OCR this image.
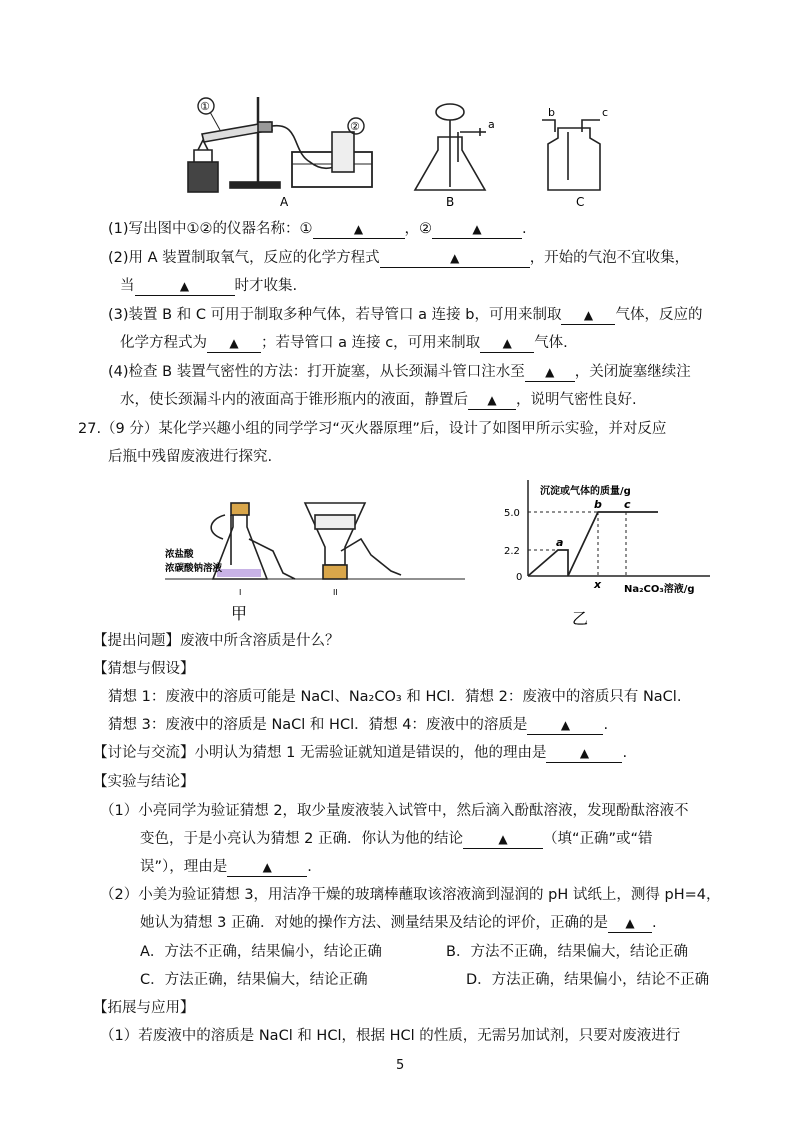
①
②
A
a
B
b	c
C
(1)写出图中①②的仪器名称：①	▲	，②	▲	.
(2)用 A 装置制取氧气，反应的化学方程式	▲	，开始的气泡不宜收集，
当	▲	时才收集.
(3)装置 B 和 C 可用于制取多种气体，若导管口 a 连接 b，可用来制取 ▲ 气体，反应的
化学方程式为 ▲ ；若导管口 a 连接 c，可用来制取 ▲ 气体.
(4)检查 B 装置气密性的方法：打开旋塞，从长颈漏斗管口注水至 ▲ ，关闭旋塞继续注
水，使长颈漏斗内的液面高于锥形瓶内的液面，静置后 ▲ ，说明气密性良好.
27.（9 分）某化学兴趣小组的同学学习“灭火器原理”后，设计了如图甲所示实验，并对反应
后瓶中残留废液进行探究.
浓盐酸
浓碳酸钠溶液
I	II
甲
沉淀或气体的质量/g
5.0
2.2
0
a
b c
x Na₂CO₃溶液/g
乙
【提出问题】废液中所含溶质是什么？
【猜想与假设】
猜想 1：废液中的溶质可能是 NaCl、Na₂CO₃ 和 HCl．猜想 2：废液中的溶质只有 NaCl.
猜想 3：废液中的溶质是 NaCl 和 HCl．猜想 4：废液中的溶质是	▲ .
【讨论与交流】小明认为猜想 1 无需验证就知道是错误的，他的理由是	▲ .
【实验与结论】
（1）小亮同学为验证猜想 2，取少量废液装入试管中，然后滴入酚酞溶液，发现酚酞溶液不
变色，于是小亮认为猜想 2 正确．你认为他的结论	▲ （填“正确”或“错
误”），理由是	▲ .
（2）小美为验证猜想 3，用洁净干燥的玻璃棒蘸取该溶液滴到湿润的 pH 试纸上，测得 pH=4，
她认为猜想 3 正确．对她的操作方法、测量结果及结论的评价，正确的是 ▲ .
A．方法不正确，结果偏小，结论正确	B．方法不正确，结果偏大，结论正确
C．方法正确，结果偏大，结论正确	D．方法正确，结果偏小，结论不正确
【拓展与应用】
（1）若废液中的溶质是 NaCl 和 HCl，根据 HCl 的性质，无需另加试剂，只要对废液进行
5
